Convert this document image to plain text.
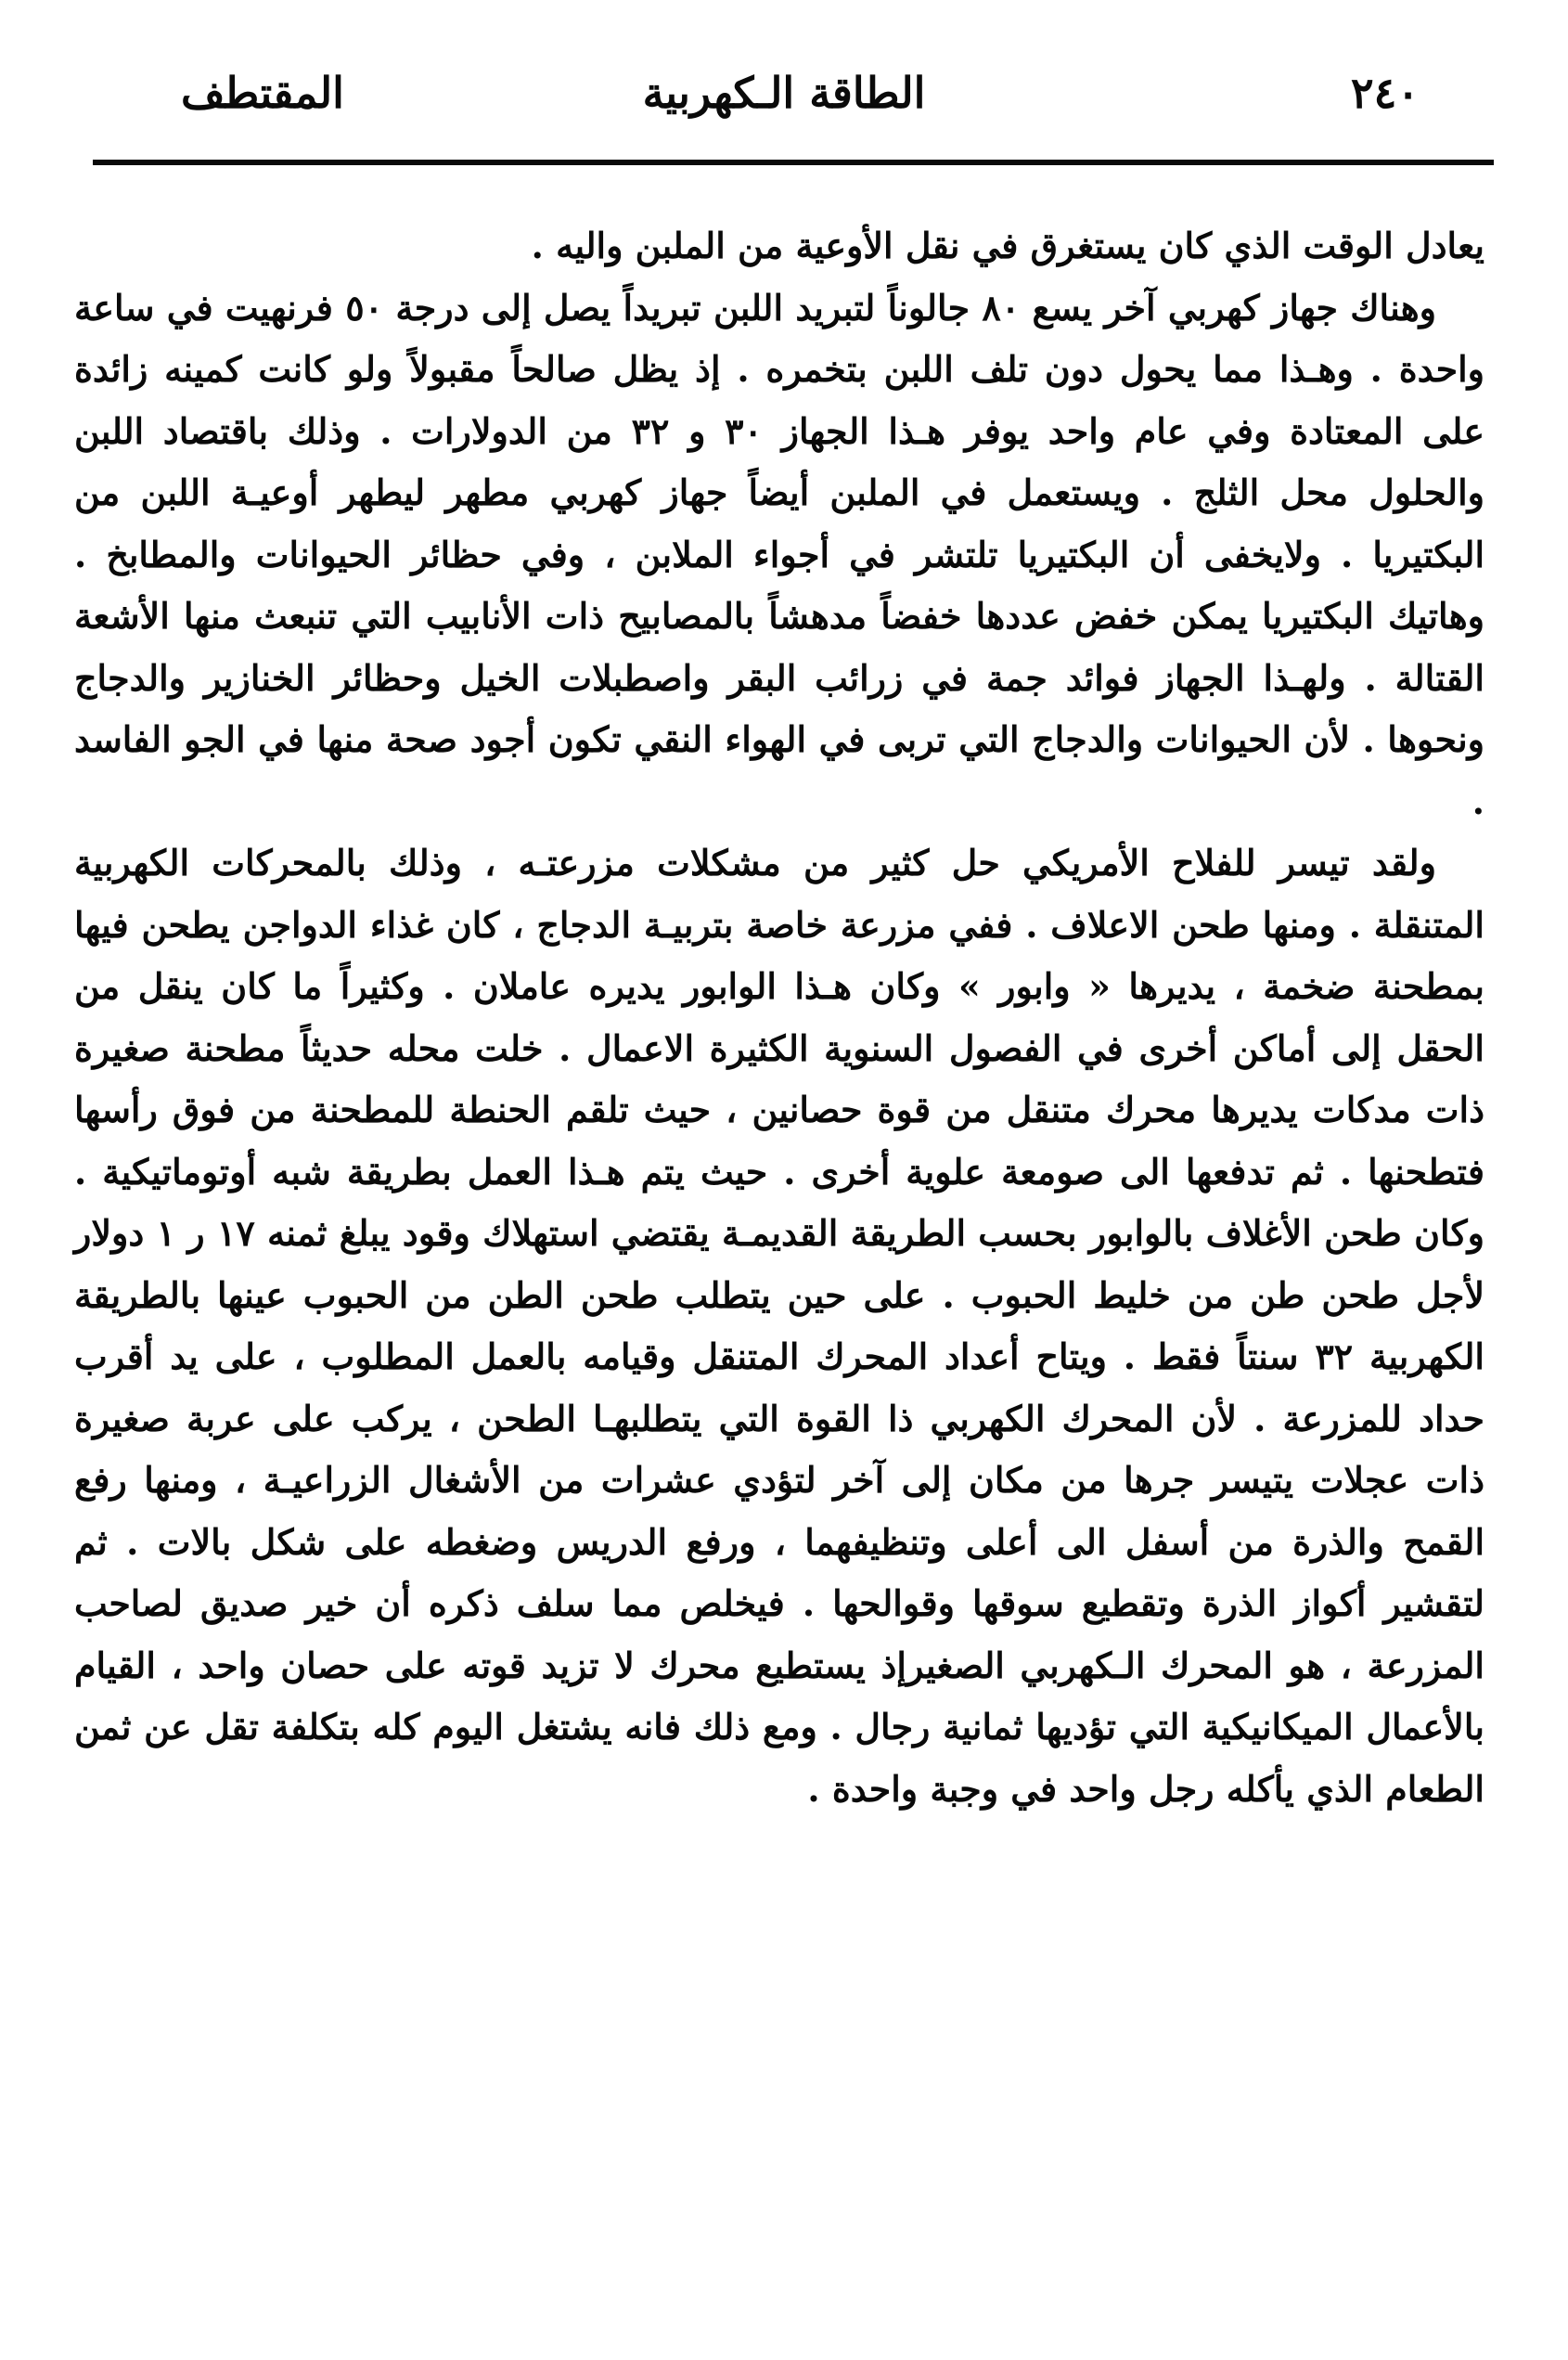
٢٤٠
الطاقة الـكهربية
المقتطف

يعادل الوقت الذي كان يستغرق في نقل الأوعية من الملبن واليه .

وهناك جهاز كهربي آخر يسع ٨٠ جالوناً لتبريد اللبن تبريداً يصل إلى درجة ٥٠ فرنهيت في ساعة واحدة . وهـذا مما يحول دون تلف اللبن بتخمره . إذ يظل صالحاً مقبولاً ولو كانت كمينه زائدة على المعتادة وفي عام واحد يوفر هـذا الجهاز ٣٠ و ٣٢ من الدولارات . وذلك باقتصاد اللبن والحلول محل الثلج . ويستعمل في الملبن أيضاً جهاز كهربي مطهر ليطهر أوعيـة اللبن من البكتيريا . ولايخفى أن البكتيريا تلتشر في أجواء الملابن ، وفي حظائر الحيوانات والمطابخ . وهاتيك البكتيريا يمكن خفض عددها خفضاً مدهشاً بالمصابيح ذات الأنابيب التي تنبعث منها الأشعة القتالة . ولهـذا الجهاز فوائد جمة في زرائب البقر واصطبلات الخيل وحظائر الخنازير والدجاج ونحوها . لأن الحيوانات والدجاج التي تربى في الهواء النقي تكون أجود صحة منها في الجو الفاسد .

ولقد تيسر للفلاح الأمريكي حل كثير من مشكلات مزرعتـه ، وذلك بالمحركات الكهربية المتنقلة . ومنها طحن الاعلاف . ففي مزرعة خاصة بتربيـة الدجاج ، كان غذاء الدواجن يطحن فيها بمطحنة ضخمة ، يديرها « وابور » وكان هـذا الوابور يديره عاملان . وكثيراً ما كان ينقل من الحقل إلى أماكن أخرى في الفصول السنوية الكثيرة الاعمال . خلت محله حديثاً مطحنة صغيرة ذات مدكات يديرها محرك متنقل من قوة حصانين ، حيث تلقم الحنطة للمطحنة من فوق رأسها فتطحنها . ثم تدفعها الى صومعة علوية أخرى . حيث يتم هـذا العمل بطريقة شبه أوتوماتيكية . وكان طحن الأغلاف بالوابور بحسب الطريقة القديمـة يقتضي استهلاك وقود يبلغ ثمنه ١٧ ر ١ دولار لأجل طحن طن من خليط الحبوب . على حين يتطلب طحن الطن من الحبوب عينها بالطريقة الكهربية ٣٢ سنتاً فقط . ويتاح أعداد المحرك المتنقل وقيامه بالعمل المطلوب ، على يد أقرب حداد للمزرعة . لأن المحرك الكهربي ذا القوة التي يتطلبهـا الطحن ، يركب على عربة صغيرة ذات عجلات يتيسر جرها من مكان إلى آخر لتؤدي عشرات من الأشغال الزراعيـة ، ومنها رفع القمح والذرة من أسفل الى أعلى وتنظيفهما ، ورفع الدريس وضغطه على شكل بالات . ثم لتقشير أكواز الذرة وتقطيع سوقها وقوالحها . فيخلص مما سلف ذكره أن خير صديق لصاحب المزرعة ، هو المحرك الـكهربي الصغيرإذ يستطيع محرك لا تزيد قوته على حصان واحد ، القيام بالأعمال الميكانيكية التي تؤديها ثمانية رجال . ومع ذلك فانه يشتغل اليوم كله بتكلفة تقل عن ثمن الطعام الذي يأكله رجل واحد في وجبة واحدة .
